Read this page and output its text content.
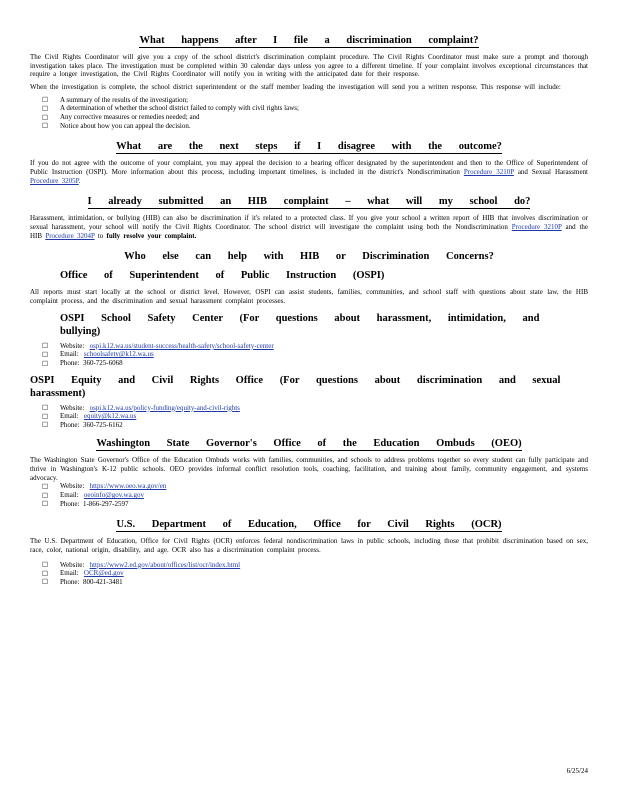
What happens after I file a discrimination complaint?

The Civil Rights Coordinator will give you a copy of the school district's discrimination complaint procedure. The Civil Rights Coordinator must make sure a prompt and thorough investigation takes place. The investigation must be completed within 30 calendar days unless you agree to a different timeline. If your complaint involves exceptional circumstances that require a longer investigation, the Civil Rights Coordinator will notify you in writing with the anticipated date for their response.

When the investigation is complete, the school district superintendent or the staff member leading the investigation will send you a written response. This response will include:

□ A summary of the results of the investigation;
□ A determination of whether the school district failed to comply with civil rights laws;
□ Any corrective measures or remedies needed; and
□ Notice about how you can appeal the decision.
What are the next steps if I disagree with the outcome?

If you do not agree with the outcome of your complaint, you may appeal the decision to a hearing officer designated by the superintendent and then to the Office of Superintendent of Public Instruction (OSPI). More information about this process, including important timelines, is included in the district's Nondiscrimination Procedure 3210P and Sexual Harassment Procedure 3205P.

I already submitted an HIB complaint – what will my school do?

Harassment, intimidation, or bullying (HIB) can also be discrimination if it's related to a protected class. If you give your school a written report of HIB that involves discrimination or sexual harassment, your school will notify the Civil Rights Coordinator. The school district will investigate the complaint using both the Nondiscrimination Procedure 3210P and the HIB Procedure 3204P to fully resolve your complaint.

Who else can help with HIB or Discrimination Concerns?
Office of Superintendent of Public Instruction (OSPI)

All reports must start locally at the school or district level. However, OSPI can assist students, families, communities, and school staff with questions about state law, the HIB complaint process, and the discrimination and sexual harassment complaint processes.

OSPI School Safety Center (For questions about harassment, intimidation, and bullying)
□ Website: ospi.k12.wa.us/student-success/health-safety/school-safety-center
□ Email: schoolsafety@k12.wa.us
□ Phone: 360-725-6068
OSPI Equity and Civil Rights Office (For questions about discrimination and sexual harassment)
□ Website: ospi.k12.wa.us/policy-funding/equity-and-civil-rights
□ Email: equity@k12.wa.us
□ Phone: 360-725-6162
Washington State Governor's Office of the Education Ombuds (OEO)

The Washington State Governor's Office of the Education Ombuds works with families, communities, and schools to address problems together so every student can fully participate and thrive in Washington's K-12 public schools. OEO provides informal conflict resolution tools, coaching, facilitation, and training about family, community engagement, and systems advocacy.

□ Website: https://www.oeo.wa.gov/en
□ Email: oeoinfo@gov.wa.gov
□ Phone: 1-866-297-2597
U.S. Department of Education, Office for Civil Rights (OCR)

The U.S. Department of Education, Office for Civil Rights (OCR) enforces federal nondiscrimination laws in public schools, including those that prohibit discrimination based on sex, race, color, national origin, disability, and age. OCR also has a discrimination complaint process.

□ Website: https://www2.ed.gov/about/offices/list/ocr/index.html
□ Email: OCR@ed.gov
□ Phone: 800-421-3481
6/25/24
